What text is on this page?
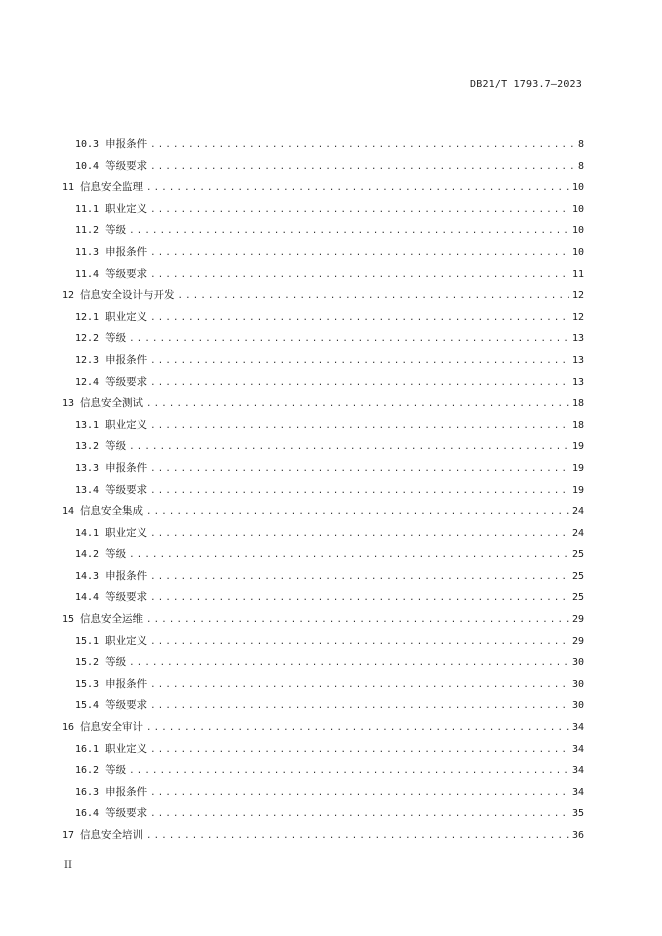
DB21/T 1793.7—2023
10.3 申报条件 .....	8
10.4 等级要求 .....	8
11 信息安全监理 .....	10
11.1 职业定义 .....	10
11.2 等级 .....	10
11.3 申报条件 .....	10
11.4 等级要求 .....	11
12 信息安全设计与开发 .....	12
12.1 职业定义 .....	12
12.2 等级 .....	13
12.3 申报条件 .....	13
12.4 等级要求 .....	13
13 信息安全测试 .....	18
13.1 职业定义 .....	18
13.2 等级 .....	19
13.3 申报条件 .....	19
13.4 等级要求 .....	19
14 信息安全集成 .....	24
14.1 职业定义 .....	24
14.2 等级 .....	25
14.3 申报条件 .....	25
14.4 等级要求 .....	25
15 信息安全运维 .....	29
15.1 职业定义 .....	29
15.2 等级 .....	30
15.3 申报条件 .....	30
15.4 等级要求 .....	30
16 信息安全审计 .....	34
16.1 职业定义 .....	34
16.2 等级 .....	34
16.3 申报条件 .....	34
16.4 等级要求 .....	35
17 信息安全培训 .....	36
II
